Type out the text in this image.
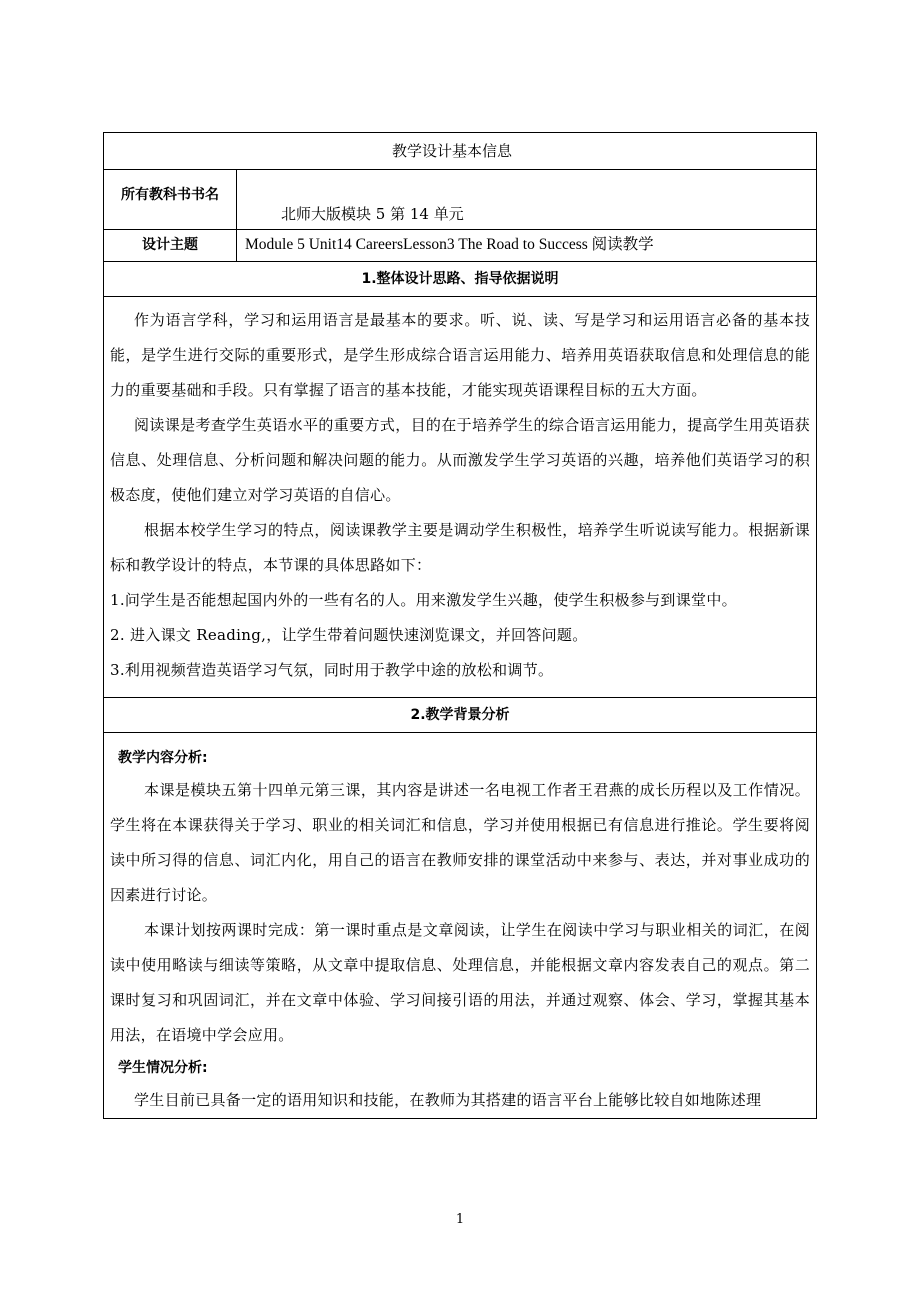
教学设计基本信息
所有教科书书名
北师大版模块 5 第 14 单元
设计主题	Module 5 Unit14 CareersLesson3 The Road to Success 阅读教学
1.整体设计思路、指导依据说明

作为语言学科，学习和运用语言是最基本的要求。听、说、读、写是学习和运用语言必备的基本技能，是学生进行交际的重要形式，是学生形成综合语言运用能力、培养用英语获取信息和处理信息的能力的重要基础和手段。只有掌握了语言的基本技能，才能实现英语课程目标的五大方面。

阅读课是考查学生英语水平的重要方式，目的在于培养学生的综合语言运用能力，提高学生用英语获信息、处理信息、分析问题和解决问题的能力。从而激发学生学习英语的兴趣，培养他们英语学习的积极态度，使他们建立对学习英语的自信心。

根据本校学生学习的特点，阅读课教学主要是调动学生积极性，培养学生听说读写能力。根据新课标和教学设计的特点，本节课的具体思路如下：

1.问学生是否能想起国内外的一些有名的人。用来激发学生兴趣，使学生积极参与到课堂中。

2. 进入课文 Reading,，让学生带着问题快速浏览课文，并回答问题。

3.利用视频营造英语学习气氛，同时用于教学中途的放松和调节。

2.教学背景分析
教学内容分析:

本课是模块五第十四单元第三课，其内容是讲述一名电视工作者王君燕的成长历程以及工作情况。学生将在本课获得关于学习、职业的相关词汇和信息，学习并使用根据已有信息进行推论。学生要将阅读中所习得的信息、词汇内化，用自己的语言在教师安排的课堂活动中来参与、表达，并对事业成功的因素进行讨论。

本课计划按两课时完成：第一课时重点是文章阅读，让学生在阅读中学习与职业相关的词汇，在阅读中使用略读与细读等策略，从文章中提取信息、处理信息，并能根据文章内容发表自己的观点。第二课时复习和巩固词汇，并在文章中体验、学习间接引语的用法，并通过观察、体会、学习，掌握其基本用法，在语境中学会应用。

学生情况分析:

学生目前已具备一定的语用知识和技能，在教师为其搭建的语言平台上能够比较自如地陈述理

1
